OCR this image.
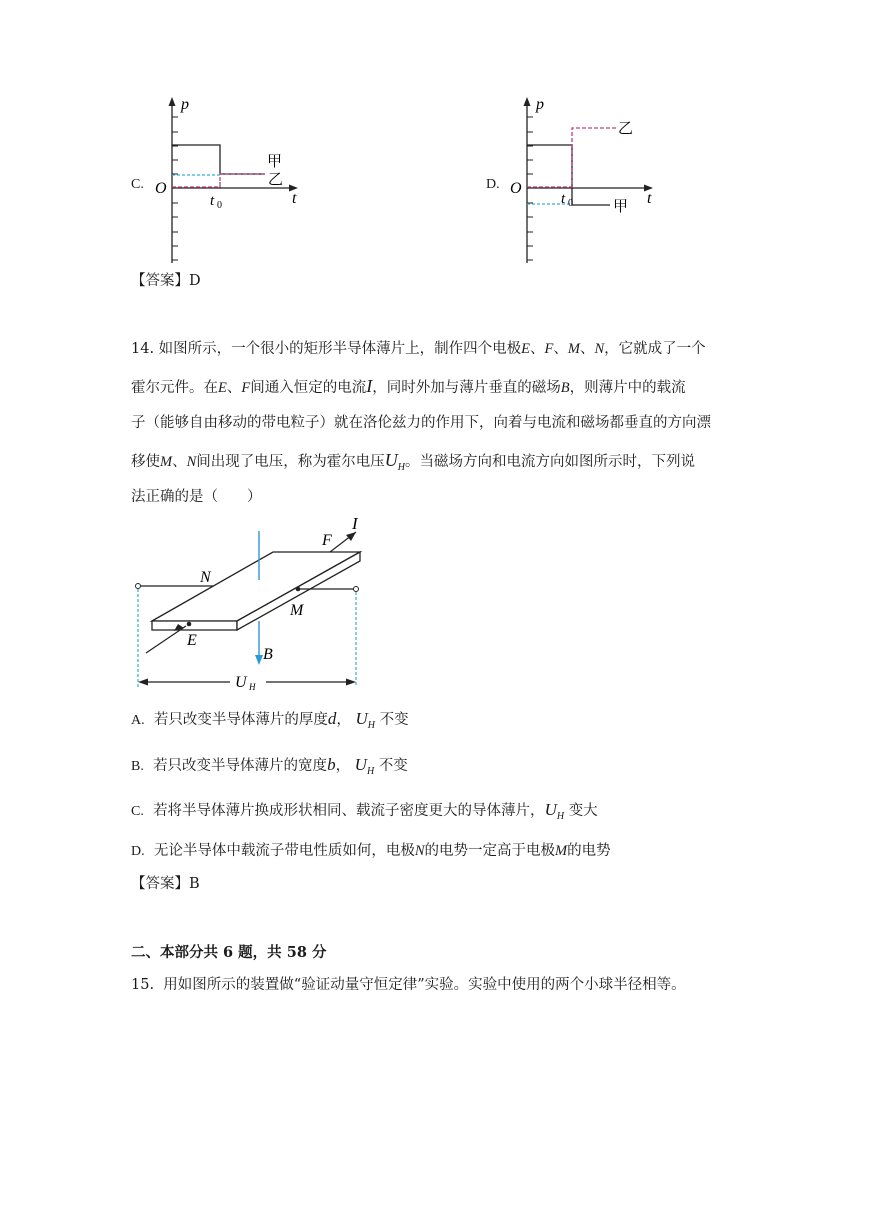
C.
p
t
O
t 0
甲
乙	D.
p
t
O
t 0
乙
甲
【答案】D
14. 如图所示，一个很小的矩形半导体薄片上，制作四个电极E、F、M、N，它就成了一个
霍尔元件。在E、F间通入恒定的电流I，同时外加与薄片垂直的磁场B，则薄片中的载流
子（能够自由移动的带电粒子）就在洛伦兹力的作用下，向着与电流和磁场都垂直的方向漂
移使M、N间出现了电压，称为霍尔电压$U_H$。当磁场方向和电流方向如图所示时，下列说
法正确的是（　　）
I
F
N
M
E
B
U H
A. 若只改变半导体薄片的厚度d， $U_H$ 不变
B. 若只改变半导体薄片的宽度b， $U_H$ 不变
C. 若将半导体薄片换成形状相同、载流子密度更大的导体薄片，$U_H$ 变大
D. 无论半导体中载流子带电性质如何，电极N的电势一定高于电极M的电势
【答案】B
二、本部分共 6 题，共 58 分
15. 用如图所示的装置做“验证动量守恒定律”实验。实验中使用的两个小球半径相等。
